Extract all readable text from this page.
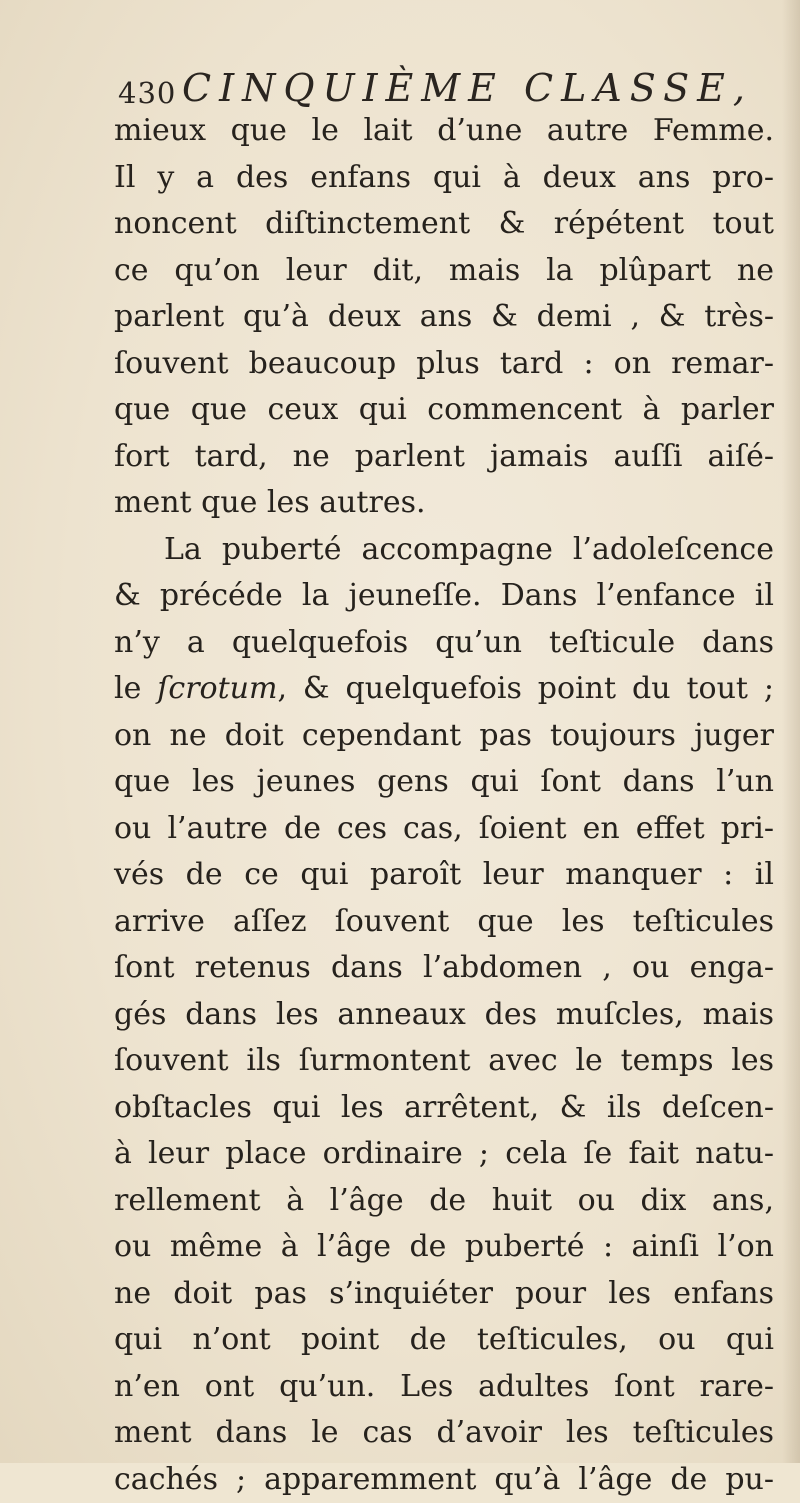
430 CINQUIÈME CLASSE,
mieux que le lait d’une autre Femme.
Il y a des enfans qui à deux ans pro-
noncent diſtinctement & répétent tout
ce qu’on leur dit, mais la plûpart ne
parlent qu’à deux ans & demi , & très-
ſouvent beaucoup plus tard : on remar-
que que ceux qui commencent à parler
fort tard, ne parlent jamais auſſi aiſé-
ment que les autres.
La puberté accompagne l’adoleſcence
& précéde la jeuneſſe. Dans l’enfance il
n’y a quelquefois qu’un teſticule dans
le ſcrotum, & quelquefois point du tout ;
on ne doit cependant pas toujours juger
que les jeunes gens qui ſont dans l’un
ou l’autre de ces cas, ſoient en effet pri-
vés de ce qui paroît leur manquer : il
arrive aſſez ſouvent que les teſticules
ſont retenus dans l’abdomen , ou enga-
gés dans les anneaux des muſcles, mais
ſouvent ils ſurmontent avec le temps les
obſtacles qui les arrêtent, & ils deſcen-
à leur place ordinaire ; cela ſe fait natu-
rellement à l’âge de huit ou dix ans,
ou même à l’âge de puberté : ainſi l’on
ne doit pas s’inquiéter pour les enfans
qui n’ont point de teſticules, ou qui
n’en ont qu’un. Les adultes ſont rare-
ment dans le cas d’avoir les teſticules
cachés ; apparemment qu’à l’âge de pu-
